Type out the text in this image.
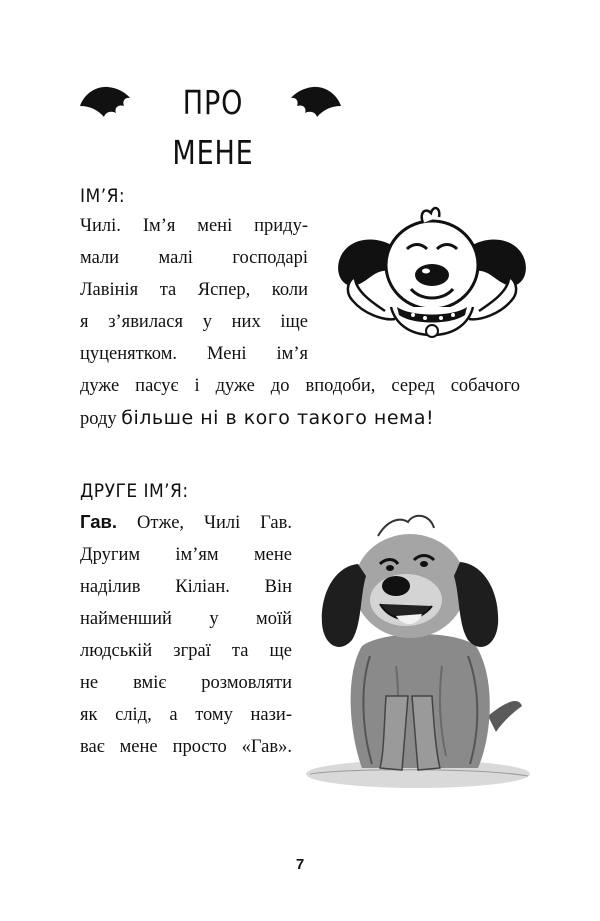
ПРО МЕНЕ
ІМ’Я:
Чилі. Ім’я мені приду-
мали малі господарі
Лавінія та Яспер, коли
я з’явилася у них іще
цуценятком. Мені ім’я
дуже пасує і дуже до вподоби, серед собачого
роду більше ні в кого такого нема!
ДРУГЕ ІМ’Я:
Гав. Отже, Чилі Гав.
Другим ім’ям мене
наділив Кіліан. Він
найменший у моїй
людській зграї та ще
не вміє розмовляти
як слід, а тому нази-
ває мене просто «Гав».
7
